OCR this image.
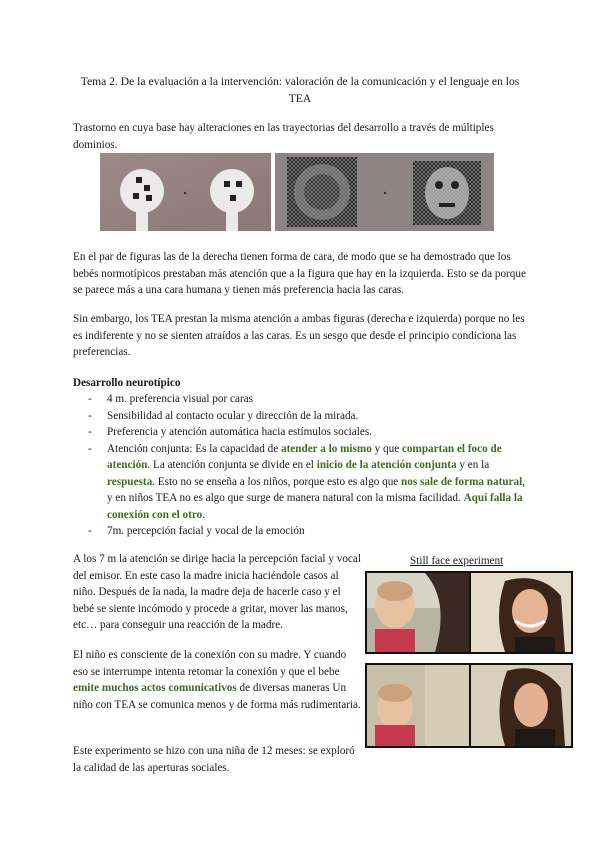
Tema 2. De la evaluación a la intervención: valoración de la comunicación y el lenguaje en los TEA
Trastorno en cuya base hay alteraciones en las trayectorias del desarrollo a través de múltiples dominios.
En el par de figuras las de la derecha tienen forma de cara, de modo que se ha demostrado que los bebés normotípicos prestaban más atención que a la figura que hay en la izquierda. Esto se da porque se parece más a una cara humana y tienen más preferencia hacia las caras.
Sin embargo, los TEA prestan la misma atención a ambas figuras (derecha e izquierda) porque no les es indiferente y no se sienten atraídos a las caras. Es un sesgo que desde el principio condiciona las preferencias.
Desarrollo neurotípico
- 4 m. preferencia visual por caras
- Sensibilidad al contacto ocular y dirección de la mirada.
- Preferencia y atención automática hacia estímulos sociales.
- Atención conjunta: Es la capacidad de atender a lo mismo y que compartan el foco de atención. La atención conjunta se divide en el inicio de la atención conjunta y en la respuesta. Esto no se enseña a los niños, porque esto es algo que nos sale de forma natural, y en niños TEA no es algo que surge de manera natural con la misma facilidad. Aquí falla la conexión con el otro.
- 7m. percepción facial y vocal de la emoción
A los 7 m la atención se dirige hacia la percepción facial y vocal del emisor. En este caso la madre inicia haciéndole casos al niño. Después de la nada, la madre deja de hacerle caso y el bebé se siente incómodo y procede a gritar, mover las manos, etc… para conseguir una reacción de la madre.
El niño es consciente de la conexión con su madre. Y cuando eso se interrumpe intenta retomar la conexión y que el bebe emite muchos actos comunicativos de diversas maneras Un niño con TEA se comunica menos y de forma más rudimentaria.
Este experimento se hizo con una niña de 12 meses: se exploró la calidad de las aperturas sociales.
Still face experiment
